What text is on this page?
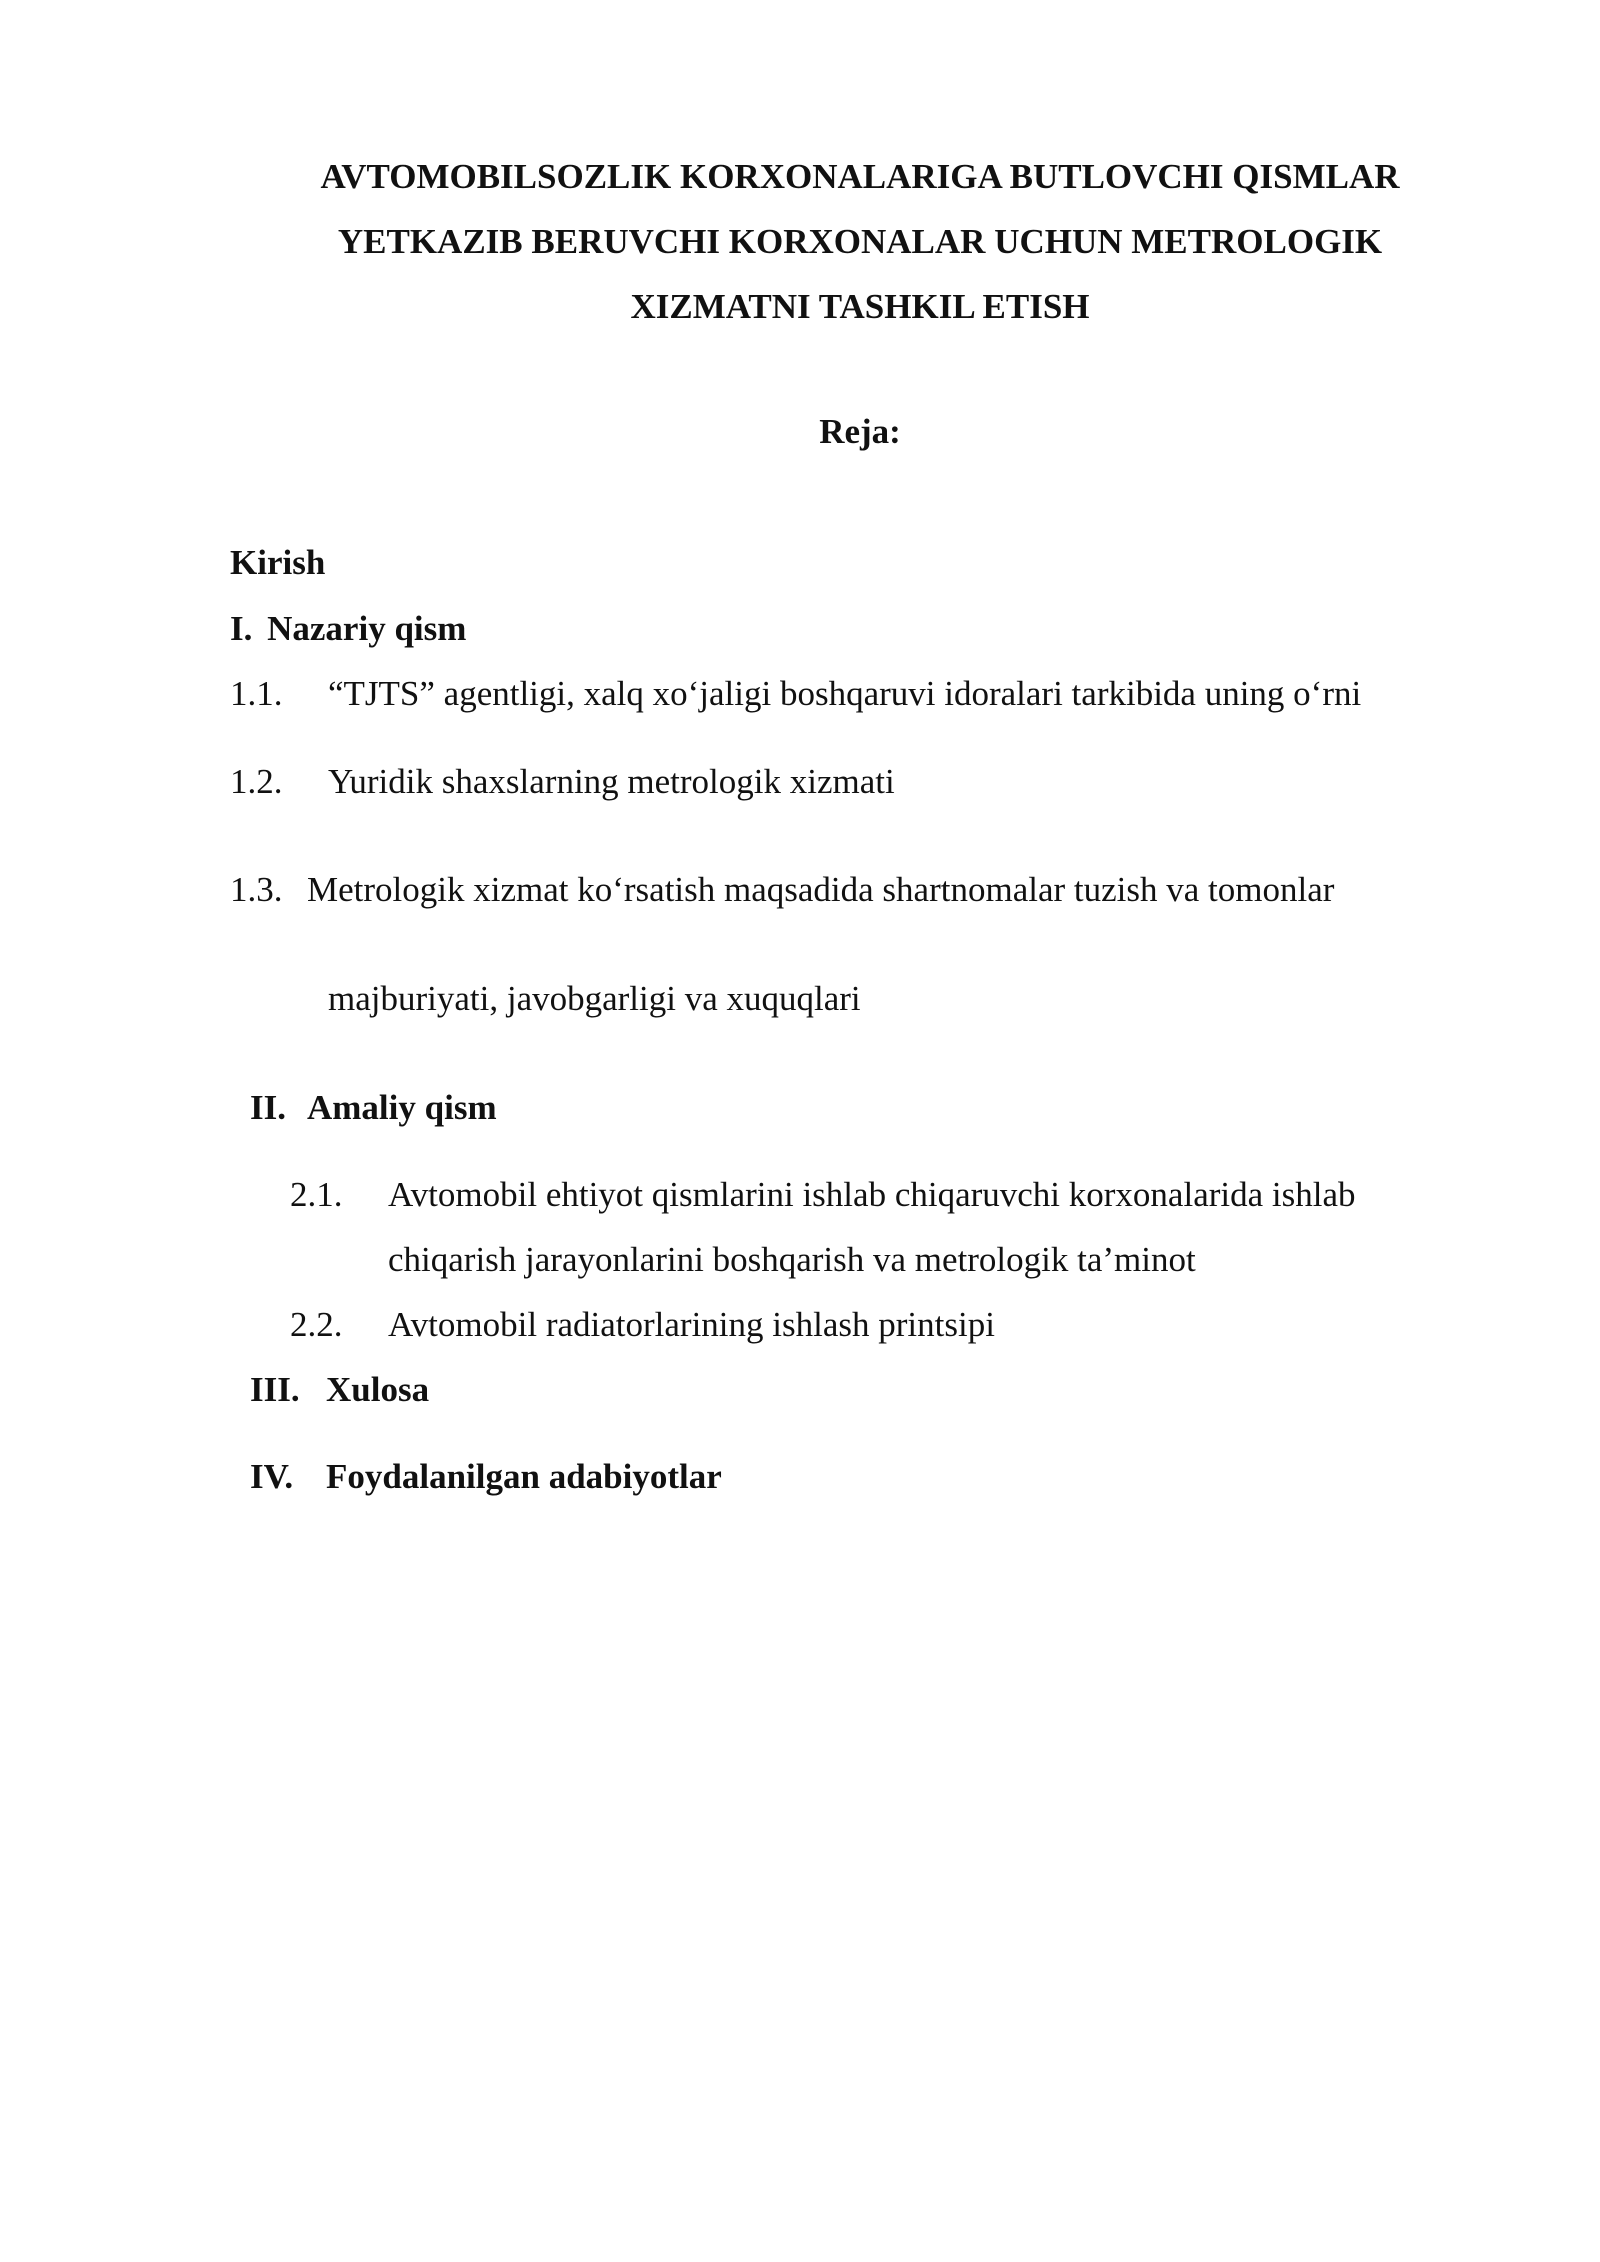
AVTOMOBILSOZLIK KORXONALARIGA BUTLOVCHI QISMLAR
YETKAZIB BERUVCHI KORXONALAR UCHUN METROLOGIK
XIZMATNI TASHKIL ETISH
Reja:
Kirish
I. Nazariy qism
1.1. “TJTS” agentligi, xalq xo‘jaligi boshqaruvi idoralari tarkibida uning o‘rni
1.2. Yuridik shaxslarning metrologik xizmati
1.3. Metrologik xizmat ko‘rsatish maqsadida shartnomalar tuzish va tomonlar
majburiyati, javobgarligi va xuquqlari
II. Amaliy qism
2.1. Avtomobil ehtiyot qismlarini ishlab chiqaruvchi korxonalarida ishlab
chiqarish jarayonlarini boshqarish va metrologik ta’minot
2.2. Avtomobil radiatorlarining ishlash printsipi
III. Xulosa
IV. Foydalanilgan adabiyotlar
